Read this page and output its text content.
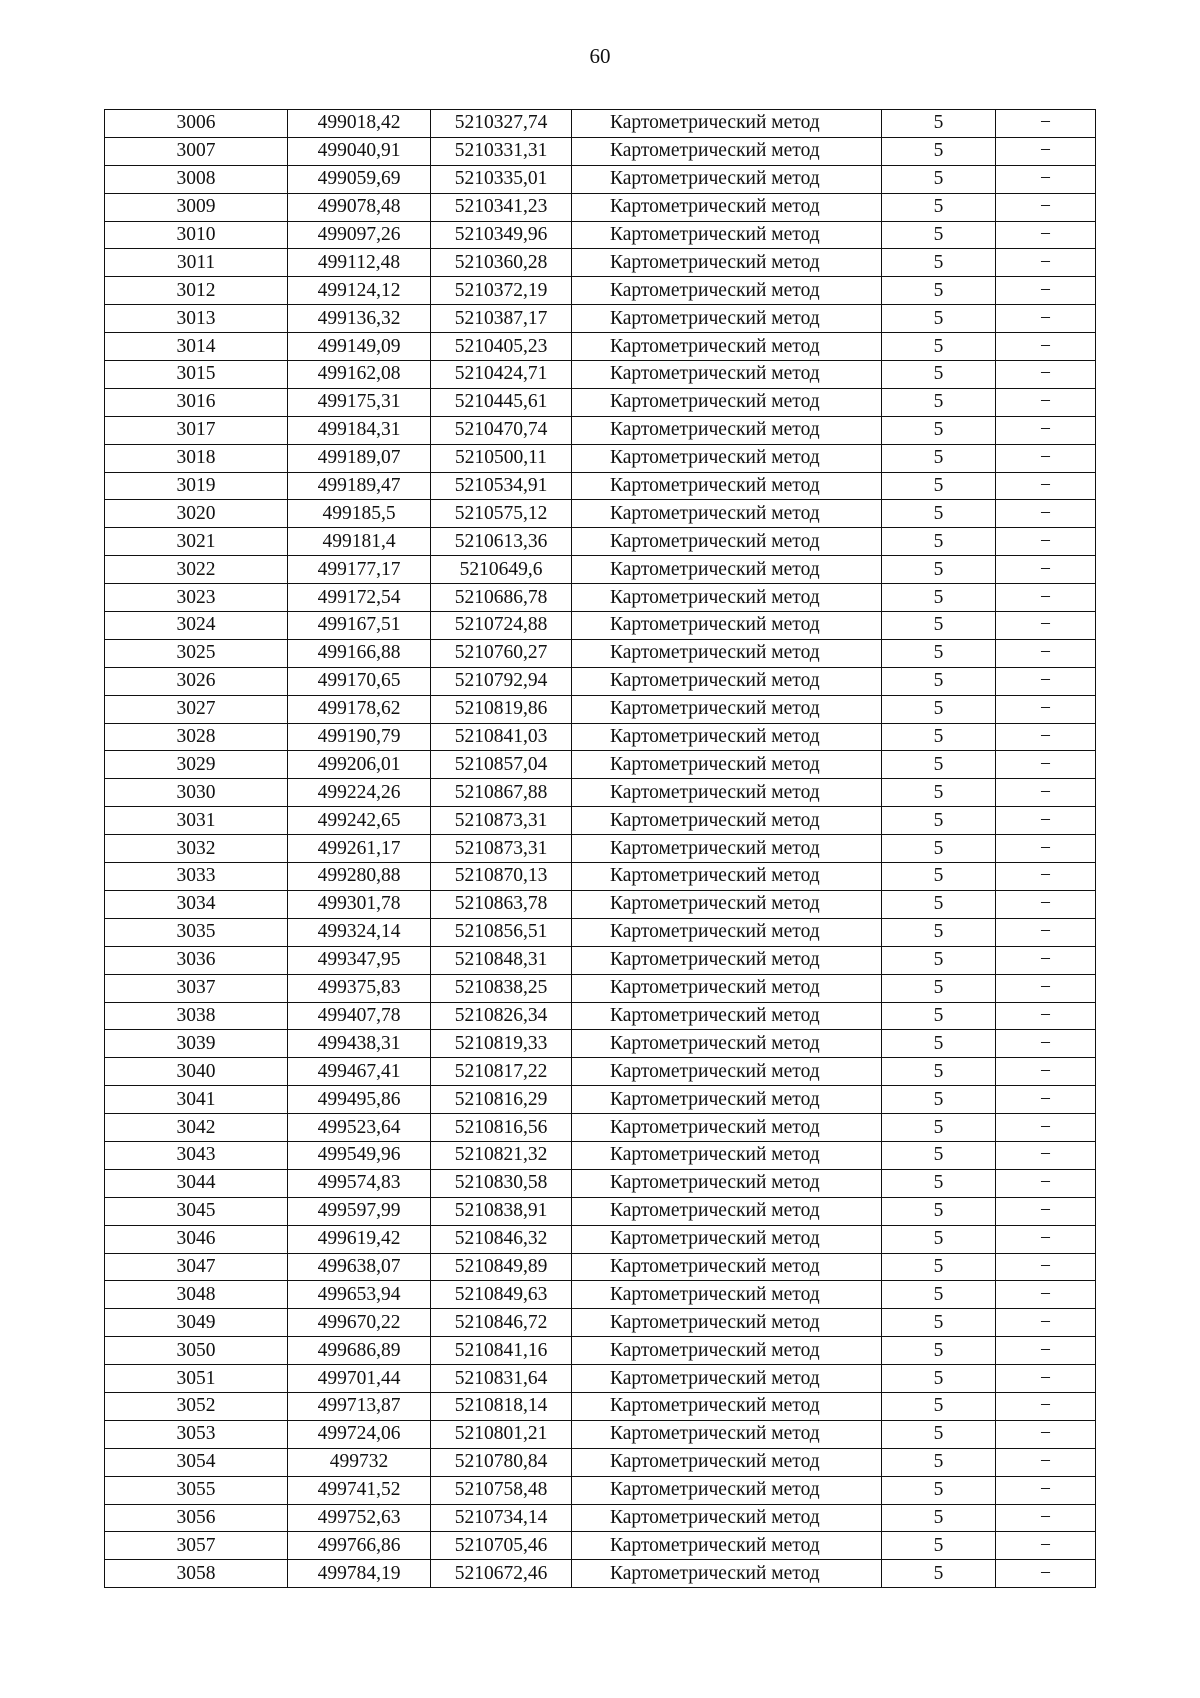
60
3006	499018,42	5210327,74	Картометрический метод	5	−
3007	499040,91	5210331,31	Картометрический метод	5	−
3008	499059,69	5210335,01	Картометрический метод	5	−
3009	499078,48	5210341,23	Картометрический метод	5	−
3010	499097,26	5210349,96	Картометрический метод	5	−
3011	499112,48	5210360,28	Картометрический метод	5	−
3012	499124,12	5210372,19	Картометрический метод	5	−
3013	499136,32	5210387,17	Картометрический метод	5	−
3014	499149,09	5210405,23	Картометрический метод	5	−
3015	499162,08	5210424,71	Картометрический метод	5	−
3016	499175,31	5210445,61	Картометрический метод	5	−
3017	499184,31	5210470,74	Картометрический метод	5	−
3018	499189,07	5210500,11	Картометрический метод	5	−
3019	499189,47	5210534,91	Картометрический метод	5	−
3020	499185,5	5210575,12	Картометрический метод	5	−
3021	499181,4	5210613,36	Картометрический метод	5	−
3022	499177,17	5210649,6	Картометрический метод	5	−
3023	499172,54	5210686,78	Картометрический метод	5	−
3024	499167,51	5210724,88	Картометрический метод	5	−
3025	499166,88	5210760,27	Картометрический метод	5	−
3026	499170,65	5210792,94	Картометрический метод	5	−
3027	499178,62	5210819,86	Картометрический метод	5	−
3028	499190,79	5210841,03	Картометрический метод	5	−
3029	499206,01	5210857,04	Картометрический метод	5	−
3030	499224,26	5210867,88	Картометрический метод	5	−
3031	499242,65	5210873,31	Картометрический метод	5	−
3032	499261,17	5210873,31	Картометрический метод	5	−
3033	499280,88	5210870,13	Картометрический метод	5	−
3034	499301,78	5210863,78	Картометрический метод	5	−
3035	499324,14	5210856,51	Картометрический метод	5	−
3036	499347,95	5210848,31	Картометрический метод	5	−
3037	499375,83	5210838,25	Картометрический метод	5	−
3038	499407,78	5210826,34	Картометрический метод	5	−
3039	499438,31	5210819,33	Картометрический метод	5	−
3040	499467,41	5210817,22	Картометрический метод	5	−
3041	499495,86	5210816,29	Картометрический метод	5	−
3042	499523,64	5210816,56	Картометрический метод	5	−
3043	499549,96	5210821,32	Картометрический метод	5	−
3044	499574,83	5210830,58	Картометрический метод	5	−
3045	499597,99	5210838,91	Картометрический метод	5	−
3046	499619,42	5210846,32	Картометрический метод	5	−
3047	499638,07	5210849,89	Картометрический метод	5	−
3048	499653,94	5210849,63	Картометрический метод	5	−
3049	499670,22	5210846,72	Картометрический метод	5	−
3050	499686,89	5210841,16	Картометрический метод	5	−
3051	499701,44	5210831,64	Картометрический метод	5	−
3052	499713,87	5210818,14	Картометрический метод	5	−
3053	499724,06	5210801,21	Картометрический метод	5	−
3054	499732	5210780,84	Картометрический метод	5	−
3055	499741,52	5210758,48	Картометрический метод	5	−
3056	499752,63	5210734,14	Картометрический метод	5	−
3057	499766,86	5210705,46	Картометрический метод	5	−
3058	499784,19	5210672,46	Картометрический метод	5	−
